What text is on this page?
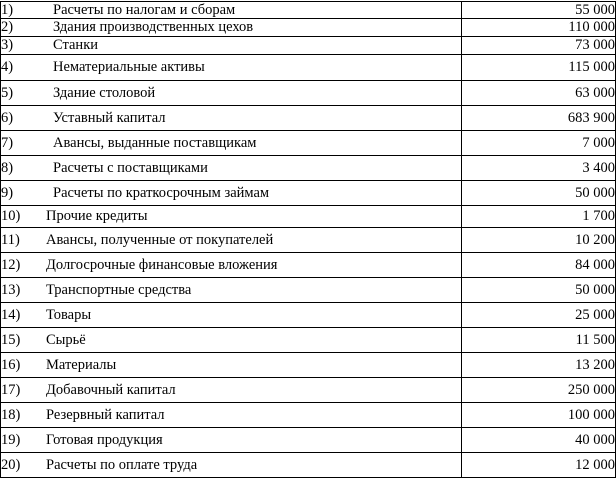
1) Расчеты по налогам и сборам	55 000
2) Здания производственных цехов	110 000
3) Станки	73 000
4) Нематериальные активы	115 000
5) Здание столовой	63 000
6) Уставный капитал	683 900
7) Авансы, выданные поставщикам	7 000
8) Расчеты с поставщиками	3 400
9) Расчеты по краткосрочным займам	50 000
10) Прочие кредиты	1 700
11) Авансы, полученные от покупателей	10 200
12) Долгосрочные финансовые вложения	84 000
13) Транспортные средства	50 000
14) Товары	25 000
15) Сырьё	11 500
16) Материалы	13 200
17) Добавочный капитал	250 000
18) Резервный капитал	100 000
19) Готовая продукция	40 000
20) Расчеты по оплате труда	12 000
